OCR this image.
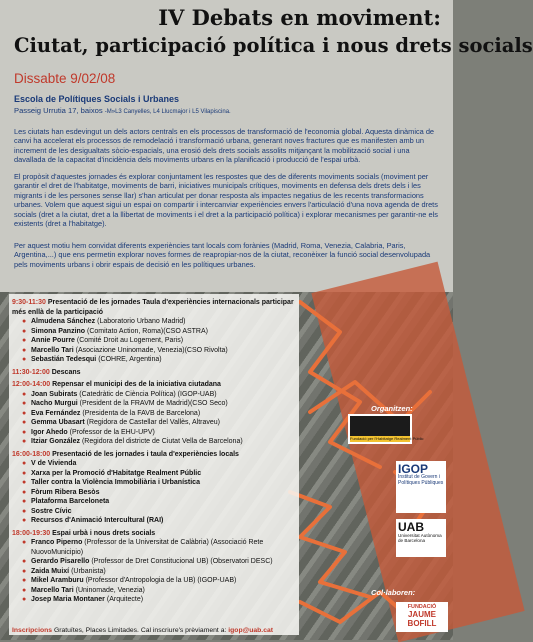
IV Debats en moviment:
Ciutat, participació política i nous drets socials
Dissabte 9/02/08
Escola de Polítiques Socials i Urbanes
Passeig Urrutia 17, baixos -M»L3 Canyelles, L4 Llucmajor i L5 Vilapiscina.

Les ciutats han esdevingut un dels actors centrals en els processos de transformació de l'economia global. Aquesta dinàmica de canvi ha accelerat els processos de remodelació i transformació urbana, generant noves fractures que es manifesten amb un increment de les desigualtats sòcio-espacials, una erosió dels drets socials assolits mitjançant la mobilització social i una davallada de la capacitat d'incidència dels moviments urbans en la planificació i producció de l'espai urbà.

El propòsit d'aquestes jornades és explorar conjuntament les respostes que des de diferents moviments socials (moviment per garantir el dret de l'habitatge, moviments de barri, iniciatives municipals crítiques, moviments en defensa dels drets dels i les migrants i de les persones sense llar) s'han articulat per donar resposta als impactes negatius de les recents transformacions urbanes. Volem que aquest sigui un espai on compartir i intercanviar experiències envers l'articulació d'una nova agenda de drets socials (dret a la ciutat, dret a la llibertat de moviments i el dret a la participació política) i explorar mecanismes per garantir-ne els existents (dret a l'habitatge).

Per aquest motiu hem convidat diferents experiències tant locals com forànies (Madrid, Roma, Venezia, Calabria, Paris, Argentina,...) que ens permetin explorar noves formes de reapropiar-nos de la ciutat, reconèixer la funció social desenvolupada pels moviments urbans i obrir espais de decisió en les polítiques urbanes.

9:30-11:30 Presentació de les jornades Taula d'experiències internacionals participar més enllà de la participació
● Almudena Sánchez (Laboratorio Urbano Madrid)
● Simona Panzino (Comitato Action, Roma)(CSO ASTRA)
● Annie Pourre (Comité Droit au Logement, Paris)
● Marcello Tari (Asociazione Uninomade, Venezia)(CSO Rivolta)
● Sebastián Tedesqui (COHRE, Argentina)
11:30-12:00 Descans
12:00-14:00 Repensar el municipi des de la iniciativa ciutadana
● Joan Subirats (Catedràtic de Ciència Política) (IGOP-UAB)
● Nacho Murgui (President de la FRAVM de Madrid)(CSO Seco)
● Eva Fernández (Presidenta de la FAVB de Barcelona)
● Gemma Ubasart (Regidora de Castellar del Vallès, Altraveu)
● Igor Ahedo (Professor de la EHU-UPV)
● Itziar González (Regidora del districte de Ciutat Vella de Barcelona)
16:00-18:00 Presentació de les jornades i taula d'experiències locals
● V de Vivienda
● Xarxa per la Promoció d'Habitatge Realment Públic
● Taller contra la Violència Immobiliària i Urbanística
● Fòrum Ribera Besòs
● Plataforma Barceloneta
● Sostre Cívic
● Recursos d'Animació Intercultural (RAI)
18:00-19:30 Espai urbà i nous drets socials
● Franco Piperno (Professor de la Universitat de Calàbria) (Associació Rete NuovoMunicipio)
● Gerardo Pisarello (Professor de Dret Constitucional UB) (Observatori DESC)
● Zaida Muixí (Urbanista)
● Mikel Aramburu (Professor d'Antropologia de la UB) (IGOP-UAB)
● Marcello Tari (Uninomade, Venezia)
● Josep Maria Montaner (Arquitecte)
Inscripcions Gratuïtes, Places Limitades. Cal inscriure's prèviament a: igop@uab.cat
Organitzen:
Fundació per l'Habitatge Realment Públic
IGOP
Institut de Govern i Polítiques Públiques
UAB
Universitat Autònoma de Barcelona
Col·laboren:
FUNDACIÓ
JAUME
BOFILL
